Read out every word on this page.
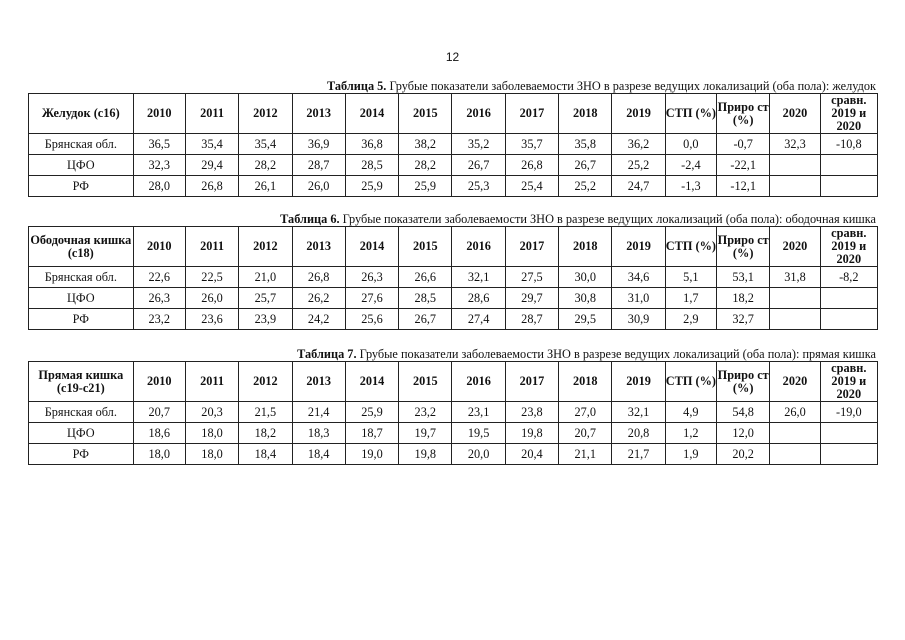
12
Таблица 5. Грубые показатели заболеваемости ЗНО в разрезе ведущих локализаций (оба пола): желудок
Желудок (с16)	2010	2011	2012	2013	2014	2015	2016	2017	2018	2019	СТП (%)	Приро ст (%)	2020	сравн. 2019 и 2020
Брянская обл.	36,5	35,4	35,4	36,9	36,8	38,2	35,2	35,7	35,8	36,2	0,0	-0,7	32,3	-10,8
ЦФО	32,3	29,4	28,2	28,7	28,5	28,2	26,7	26,8	26,7	25,2	-2,4	-22,1		
РФ	28,0	26,8	26,1	26,0	25,9	25,9	25,3	25,4	25,2	24,7	-1,3	-12,1		
Таблица 6. Грубые показатели заболеваемости ЗНО в разрезе ведущих локализаций (оба пола): ободочная кишка
Ободочная кишка (с18)	2010	2011	2012	2013	2014	2015	2016	2017	2018	2019	СТП (%)	Приро ст (%)	2020	сравн. 2019 и 2020
Брянская обл.	22,6	22,5	21,0	26,8	26,3	26,6	32,1	27,5	30,0	34,6	5,1	53,1	31,8	-8,2
ЦФО	26,3	26,0	25,7	26,2	27,6	28,5	28,6	29,7	30,8	31,0	1,7	18,2		
РФ	23,2	23,6	23,9	24,2	25,6	26,7	27,4	28,7	29,5	30,9	2,9	32,7		
Таблица 7. Грубые показатели заболеваемости ЗНО в разрезе ведущих локализаций (оба пола): прямая кишка
Прямая кишка (с19-с21)	2010	2011	2012	2013	2014	2015	2016	2017	2018	2019	СТП (%)	Приро ст (%)	2020	сравн. 2019 и 2020
Брянская обл.	20,7	20,3	21,5	21,4	25,9	23,2	23,1	23,8	27,0	32,1	4,9	54,8	26,0	-19,0
ЦФО	18,6	18,0	18,2	18,3	18,7	19,7	19,5	19,8	20,7	20,8	1,2	12,0		
РФ	18,0	18,0	18,4	18,4	19,0	19,8	20,0	20,4	21,1	21,7	1,9	20,2		
